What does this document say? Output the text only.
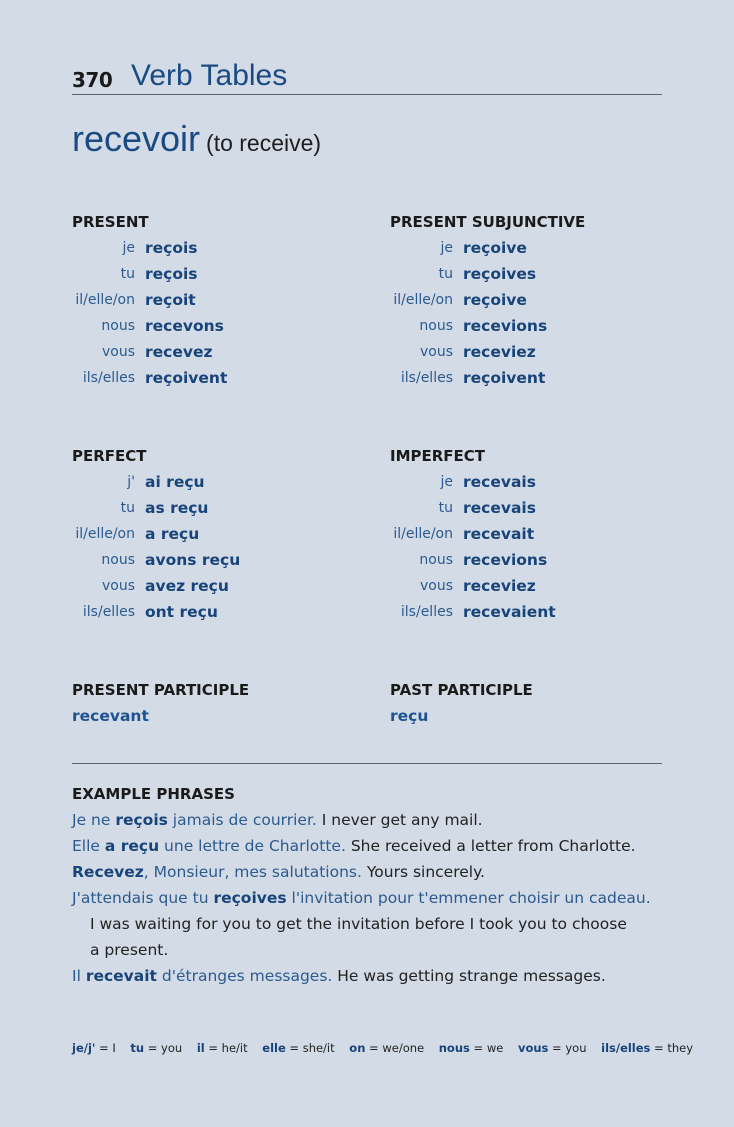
370 Verb Tables
recevoir (to receive)
PRESENT
je reçois
tu reçois
il/elle/on reçoit
nous recevons
vous recevez
ils/elles reçoivent
PRESENT SUBJUNCTIVE
je reçoive
tu reçoives
il/elle/on reçoive
nous recevions
vous receviez
ils/elles reçoivent
PERFECT
j' ai reçu
tu as reçu
il/elle/on a reçu
nous avons reçu
vous avez reçu
ils/elles ont reçu
IMPERFECT
je recevais
tu recevais
il/elle/on recevait
nous recevions
vous receviez
ils/elles recevaient
PRESENT PARTICIPLE
recevant
PAST PARTICIPLE
reçu
EXAMPLE PHRASES
Je ne reçois jamais de courrier. I never get any mail.
Elle a reçu une lettre de Charlotte. She received a letter from Charlotte.
Recevez, Monsieur, mes salutations. Yours sincerely.
J'attendais que tu reçoives l'invitation pour t'emmener choisir un cadeau.
I was waiting for you to get the invitation before I took you to choose
a present.
Il recevait d'étranges messages. He was getting strange messages.
je/j' = I tu = you il = he/it elle = she/it on = we/one nous = we vous = you ils/elles = they
